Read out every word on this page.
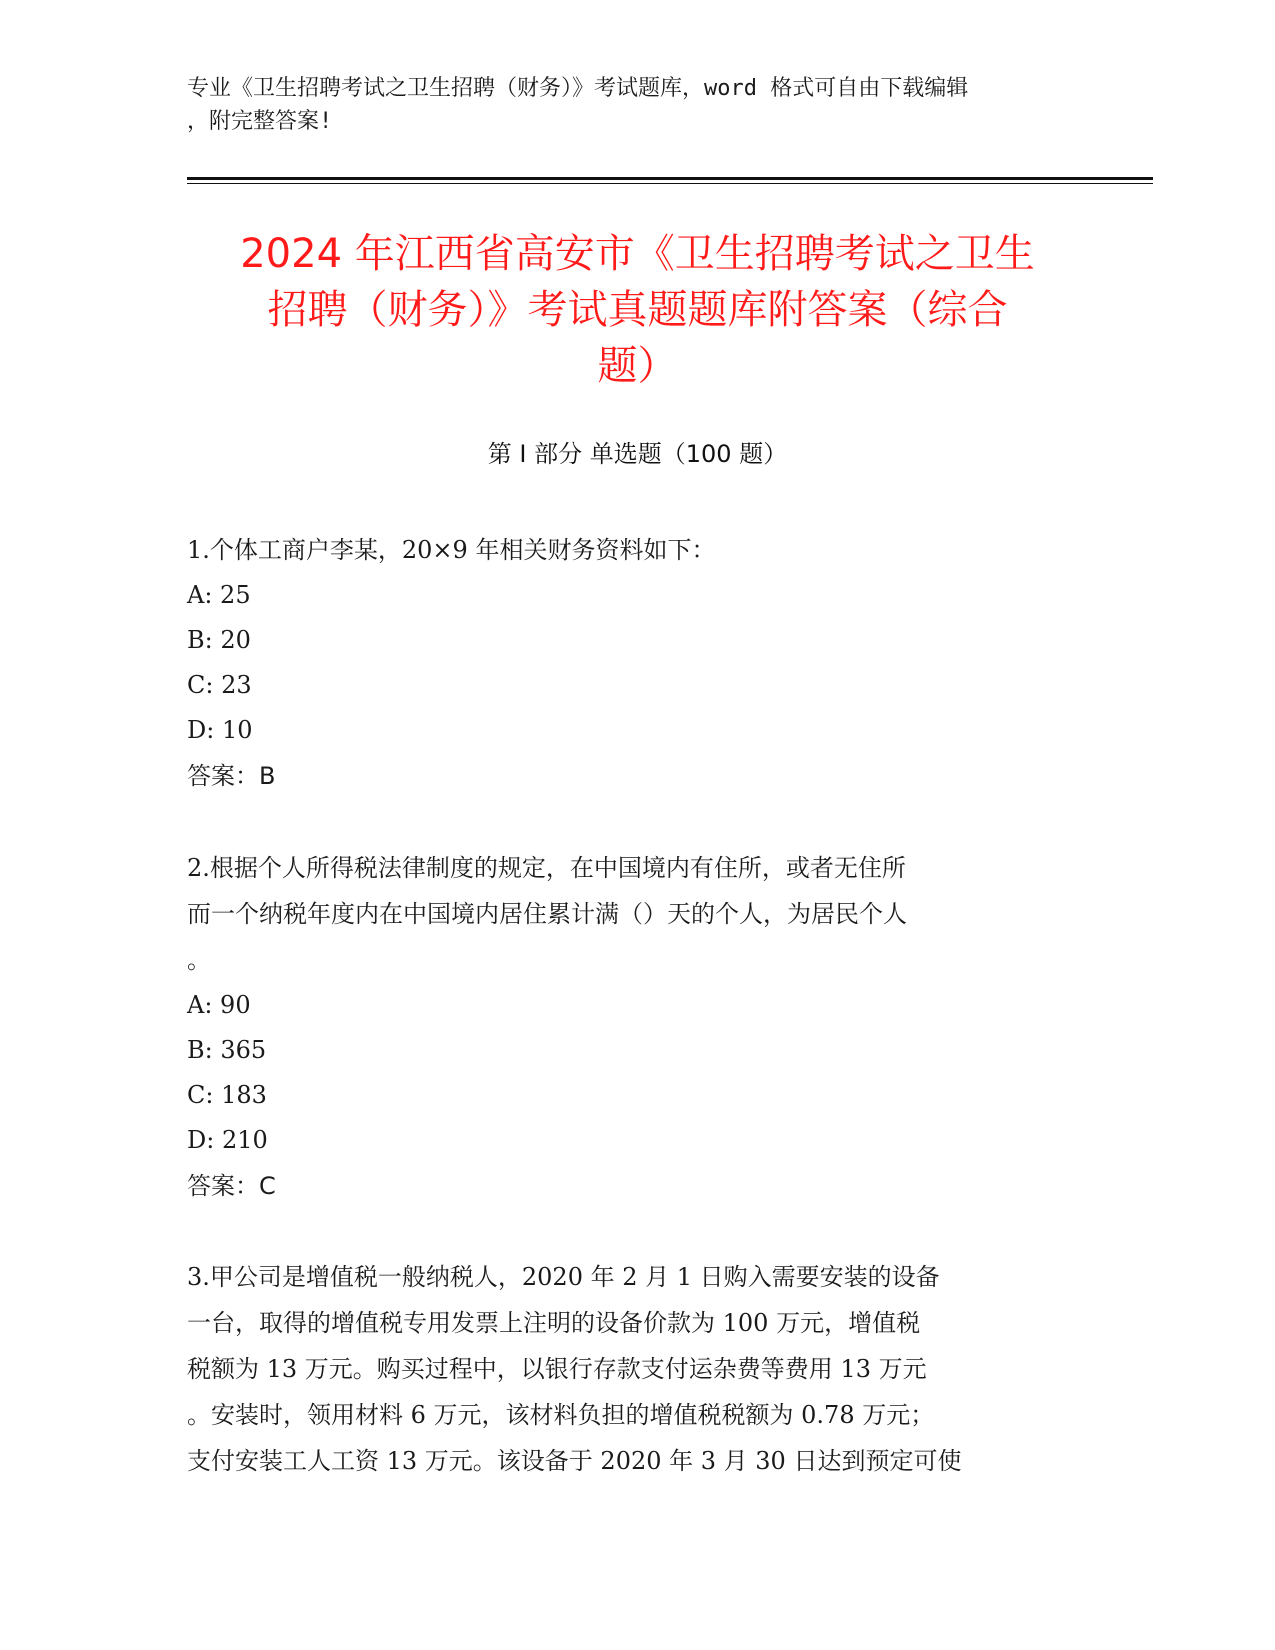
专业《卫生招聘考试之卫生招聘（财务）》考试题库，word 格式可自由下载编辑
，附完整答案!
2024 年江西省高安市《卫生招聘考试之卫生
招聘（财务）》考试真题题库附答案（综合
题）
第 I 部分 单选题（100 题）
1.个体工商户李某，20×9 年相关财务资料如下：
A: 25
B: 20
C: 23
D: 10
答案：B
2.根据个人所得税法律制度的规定，在中国境内有住所，或者无住所
而一个纳税年度内在中国境内居住累计满（）天的个人，为居民个人
。
A: 90
B: 365
C: 183
D: 210
答案：C
3.甲公司是增值税一般纳税人，2020 年 2 月 1 日购入需要安装的设备
一台，取得的增值税专用发票上注明的设备价款为 100 万元，增值税
税额为 13 万元。购买过程中，以银行存款支付运杂费等费用 13 万元
。安装时，领用材料 6 万元，该材料负担的增值税税额为 0.78 万元；
支付安装工人工资 13 万元。该设备于 2020 年 3 月 30 日达到预定可使
